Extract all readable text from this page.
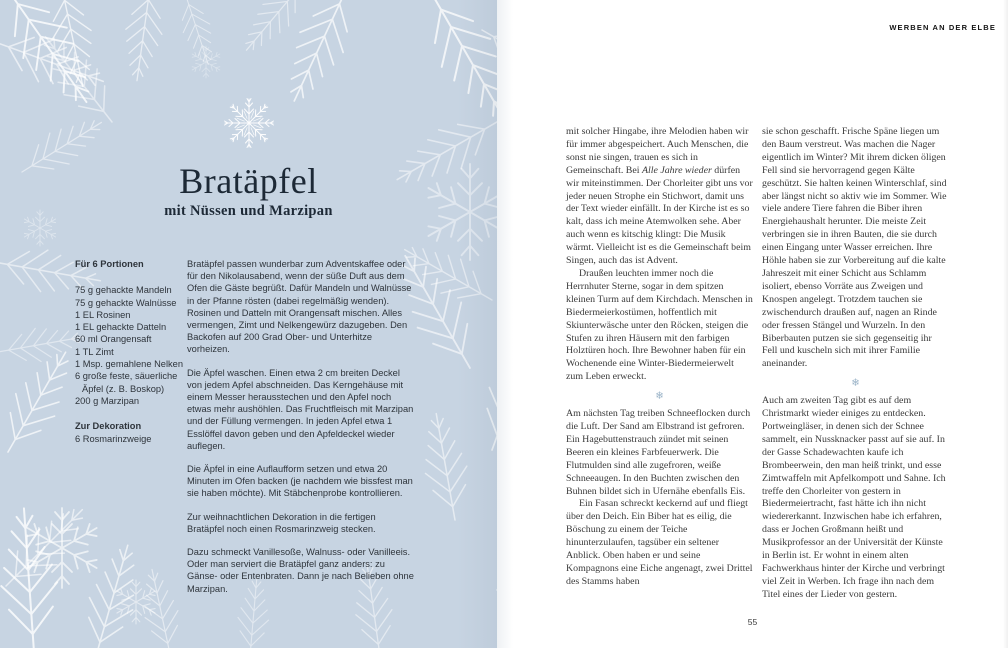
Bratäpfel
mit Nüssen und Marzipan

Für 6 Portionen

75 g gehackte Mandeln
75 g gehackte Walnüsse
1 EL Rosinen
1 EL gehackte Datteln
60 ml Orangensaft
1 TL Zimt
1 Msp. gemahlene Nelken
6 große feste, säuerliche Äpfel (z. B. Boskop)
200 g Marzipan

Zur Dekoration

6 Rosmarinzweige

Bratäpfel passen wunderbar zum Adventskaffee oder für den Nikolausabend, wenn der süße Duft aus dem Ofen die Gäste begrüßt. Dafür Mandeln und Walnüsse in der Pfanne rösten (dabei regelmäßig wenden). Rosinen und Datteln mit Orangensaft mischen. Alles vermengen, Zimt und Nelkengewürz dazugeben. Den Backofen auf 200 Grad Ober- und Unterhitze vorheizen.

Die Äpfel waschen. Einen etwa 2 cm breiten Deckel von jedem Apfel abschneiden. Das Kerngehäuse mit einem Messer herausstechen und den Apfel noch etwas mehr aushöhlen. Das Fruchtfleisch mit Marzipan und der Füllung vermengen. In jeden Apfel etwa 1 Esslöffel davon geben und den Apfeldeckel wieder auflegen.

Die Äpfel in eine Auflaufform setzen und etwa 20 Minuten im Ofen backen (je nachdem wie bissfest man sie haben möchte). Mit Stäbchenprobe kontrollieren.

Zur weihnachtlichen Dekoration in die fertigen Bratäpfel noch einen Rosmarinzweig stecken.

Dazu schmeckt Vanillesoße, Walnuss- oder Vanilleeis. Oder man serviert die Bratäpfel ganz anders: zu Gänse- oder Entenbraten. Dann je nach Belieben ohne Marzipan.

WERBEN AN DER ELBE

mit solcher Hingabe, ihre Melodien haben wir für immer abgespeichert. Auch Menschen, die sonst nie singen, trauen es sich in Gemeinschaft. Bei Alle Jahre wieder dürfen wir miteinstimmen. Der Chorleiter gibt uns vor jeder neuen Strophe ein Stichwort, damit uns der Text wieder einfällt. In der Kirche ist es so kalt, dass ich meine Atemwolken sehe. Aber auch wenn es kitschig klingt: Die Musik wärmt. Vielleicht ist es die Gemeinschaft beim Singen, auch das ist Advent.

Draußen leuchten immer noch die Herrnhuter Sterne, sogar in dem spitzen kleinen Turm auf dem Kirchdach. Menschen in Biedermeierkostümen, hoffentlich mit Skiunterwäsche unter den Röcken, steigen die Stufen zu ihren Häusern mit den farbigen Holztüren hoch. Ihre Bewohner haben für ein Wochenende eine Winter-Biedermeierwelt zum Leben erweckt.

❄

Am nächsten Tag treiben Schneeflocken durch die Luft. Der Sand am Elbstrand ist gefroren. Ein Hagebuttenstrauch zündet mit seinen Beeren ein kleines Farbfeuerwerk. Die Flutmulden sind alle zugefroren, weiße Schneeaugen. In den Buchten zwischen den Buhnen bildet sich in Ufernähe ebenfalls Eis.

Ein Fasan schreckt keckernd auf und fliegt über den Deich. Ein Biber hat es eilig, die Böschung zu einem der Teiche hinunterzulaufen, tagsüber ein seltener Anblick. Oben haben er und seine Kompagnons eine Eiche angenagt, zwei Drittel des Stamms haben

sie schon geschafft. Frische Späne liegen um den Baum verstreut. Was machen die Nager eigentlich im Winter? Mit ihrem dicken öligen Fell sind sie hervorragend gegen Kälte geschützt. Sie halten keinen Winterschlaf, sind aber längst nicht so aktiv wie im Sommer. Wie viele andere Tiere fahren die Biber ihren Energiehaushalt herunter. Die meiste Zeit verbringen sie in ihren Bauten, die sie durch einen Eingang unter Wasser erreichen. Ihre Höhle haben sie zur Vorbereitung auf die kalte Jahreszeit mit einer Schicht aus Schlamm isoliert, ebenso Vorräte aus Zweigen und Knospen angelegt. Trotzdem tauchen sie zwischendurch draußen auf, nagen an Rinde oder fressen Stängel und Wurzeln. In den Biberbauten putzen sie sich gegenseitig ihr Fell und kuscheln sich mit ihrer Familie aneinander.

❄

Auch am zweiten Tag gibt es auf dem Christmarkt wieder einiges zu entdecken. Portweingläser, in denen sich der Schnee sammelt, ein Nussknacker passt auf sie auf. In der Gasse Schadewachten kaufe ich Brombeerwein, den man heiß trinkt, und esse Zimtwaffeln mit Apfelkompott und Sahne. Ich treffe den Chorleiter von gestern in Biedermeiertracht, fast hätte ich ihn nicht wiedererkannt. Inzwischen habe ich erfahren, dass er Jochen Großmann heißt und Musikprofessor an der Universität der Künste in Berlin ist. Er wohnt in einem alten Fachwerkhaus hinter der Kirche und verbringt viel Zeit in Werben. Ich frage ihn nach dem Titel eines der Lieder von gestern.

55
